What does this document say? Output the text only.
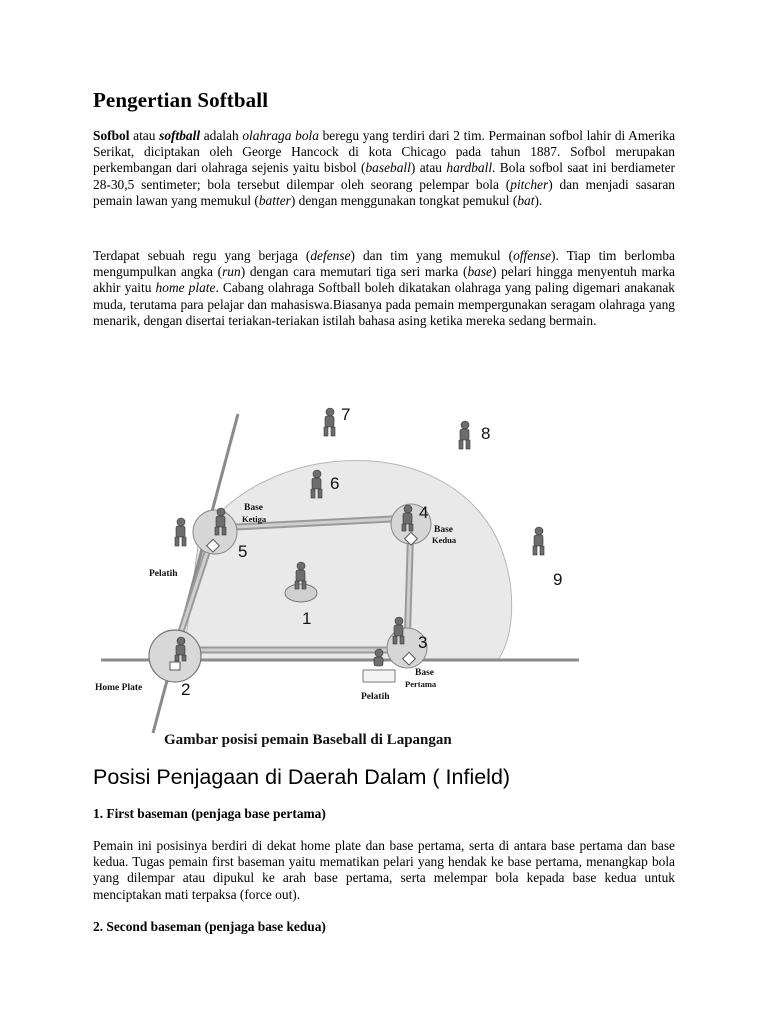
Pengertian Softball

Sofbol atau softball adalah olahraga bola beregu yang terdiri dari 2 tim. Permainan sofbol lahir di Amerika Serikat, diciptakan oleh George Hancock di kota Chicago pada tahun 1887. Sofbol merupakan perkembangan dari olahraga sejenis yaitu bisbol (baseball) atau hardball. Bola sofbol saat ini berdiameter 28-30,5 sentimeter; bola tersebut dilempar oleh seorang pelempar bola (pitcher) dan menjadi sasaran pemain lawan yang memukul (batter) dengan menggunakan tongkat pemukul (bat).

Terdapat sebuah regu yang berjaga (defense) dan tim yang memukul (offense). Tiap tim berlomba mengumpulkan angka (run) dengan cara memutari tiga seri marka (base) pelari hingga menyentuh marka akhir yaitu home plate. Cabang olahraga Softball boleh dikatakan olahraga yang paling digemari anakanak muda, terutama para pelajar dan mahasiswa.Biasanya pada pemain mempergunakan seragam olahraga yang menarik, dengan disertai teriakan-teriakan istilah bahasa asing ketika mereka sedang bermain.

7
8
6
4
5
9
1
3
2
Base
Ketiga
Base
Kedua
Pelatih
Base
Pertama
Home Plate
Pelatih
Gambar posisi pemain Baseball di Lapangan
Posisi Penjagaan di Daerah Dalam ( Infield)
1. First baseman (penjaga base pertama)

Pemain ini posisinya berdiri di dekat home plate dan base pertama, serta di antara base pertama dan base kedua. Tugas pemain first baseman yaitu mematikan pelari yang hendak ke base pertama, menangkap bola yang dilempar atau dipukul ke arah base pertama, serta melempar bola kepada base kedua untuk menciptakan mati terpaksa (force out).

2. Second baseman (penjaga base kedua)
